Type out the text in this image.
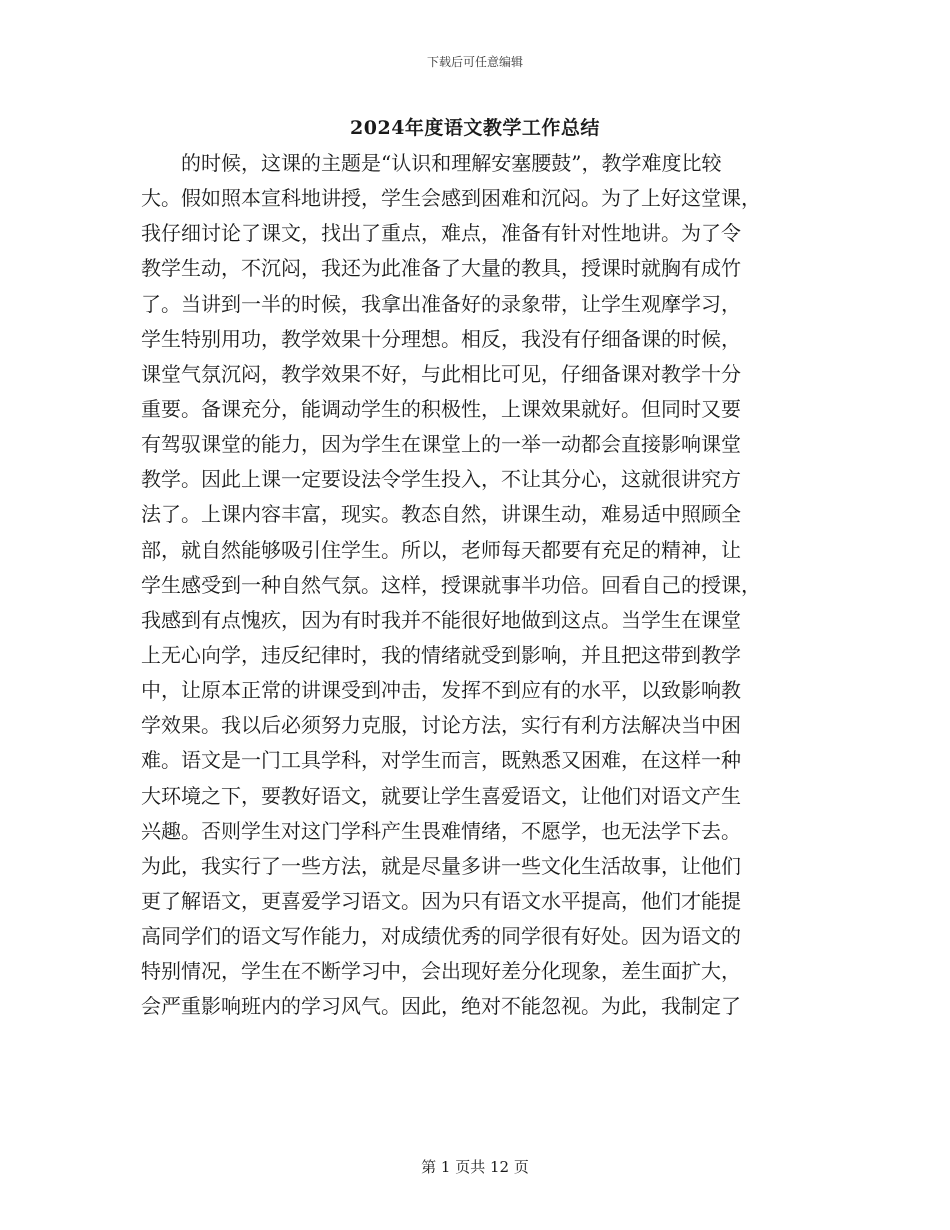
下载后可任意编辑
2024年度语文教学工作总结
　　的时候，这课的主题是“认识和理解安塞腰鼓”，教学难度比较
大。假如照本宣科地讲授，学生会感到困难和沉闷。为了上好这堂课，
我仔细讨论了课文，找出了重点，难点，准备有针对性地讲。为了令
教学生动，不沉闷，我还为此准备了大量的教具，授课时就胸有成竹
了。当讲到一半的时候，我拿出准备好的录象带，让学生观摩学习，
学生特别用功，教学效果十分理想。相反，我没有仔细备课的时候，
课堂气氛沉闷，教学效果不好，与此相比可见，仔细备课对教学十分
重要。备课充分，能调动学生的积极性，上课效果就好。但同时又要
有驾驭课堂的能力，因为学生在课堂上的一举一动都会直接影响课堂
教学。因此上课一定要设法令学生投入，不让其分心，这就很讲究方
法了。上课内容丰富，现实。教态自然，讲课生动，难易适中照顾全
部，就自然能够吸引住学生。所以，老师每天都要有充足的精神，让
学生感受到一种自然气氛。这样，授课就事半功倍。回看自己的授课，
我感到有点愧疚，因为有时我并不能很好地做到这点。当学生在课堂
上无心向学，违反纪律时，我的情绪就受到影响，并且把这带到教学
中，让原本正常的讲课受到冲击，发挥不到应有的水平，以致影响教
学效果。我以后必须努力克服，讨论方法，实行有利方法解决当中困
难。语文是一门工具学科，对学生而言，既熟悉又困难，在这样一种
大环境之下，要教好语文，就要让学生喜爱语文，让他们对语文产生
兴趣。否则学生对这门学科产生畏难情绪，不愿学，也无法学下去。
为此，我实行了一些方法，就是尽量多讲一些文化生活故事，让他们
更了解语文，更喜爱学习语文。因为只有语文水平提高，他们才能提
高同学们的语文写作能力，对成绩优秀的同学很有好处。因为语文的
特别情况，学生在不断学习中，会出现好差分化现象，差生面扩大，
会严重影响班内的学习风气。因此，绝对不能忽视。为此，我制定了
第 1 页共 12 页
